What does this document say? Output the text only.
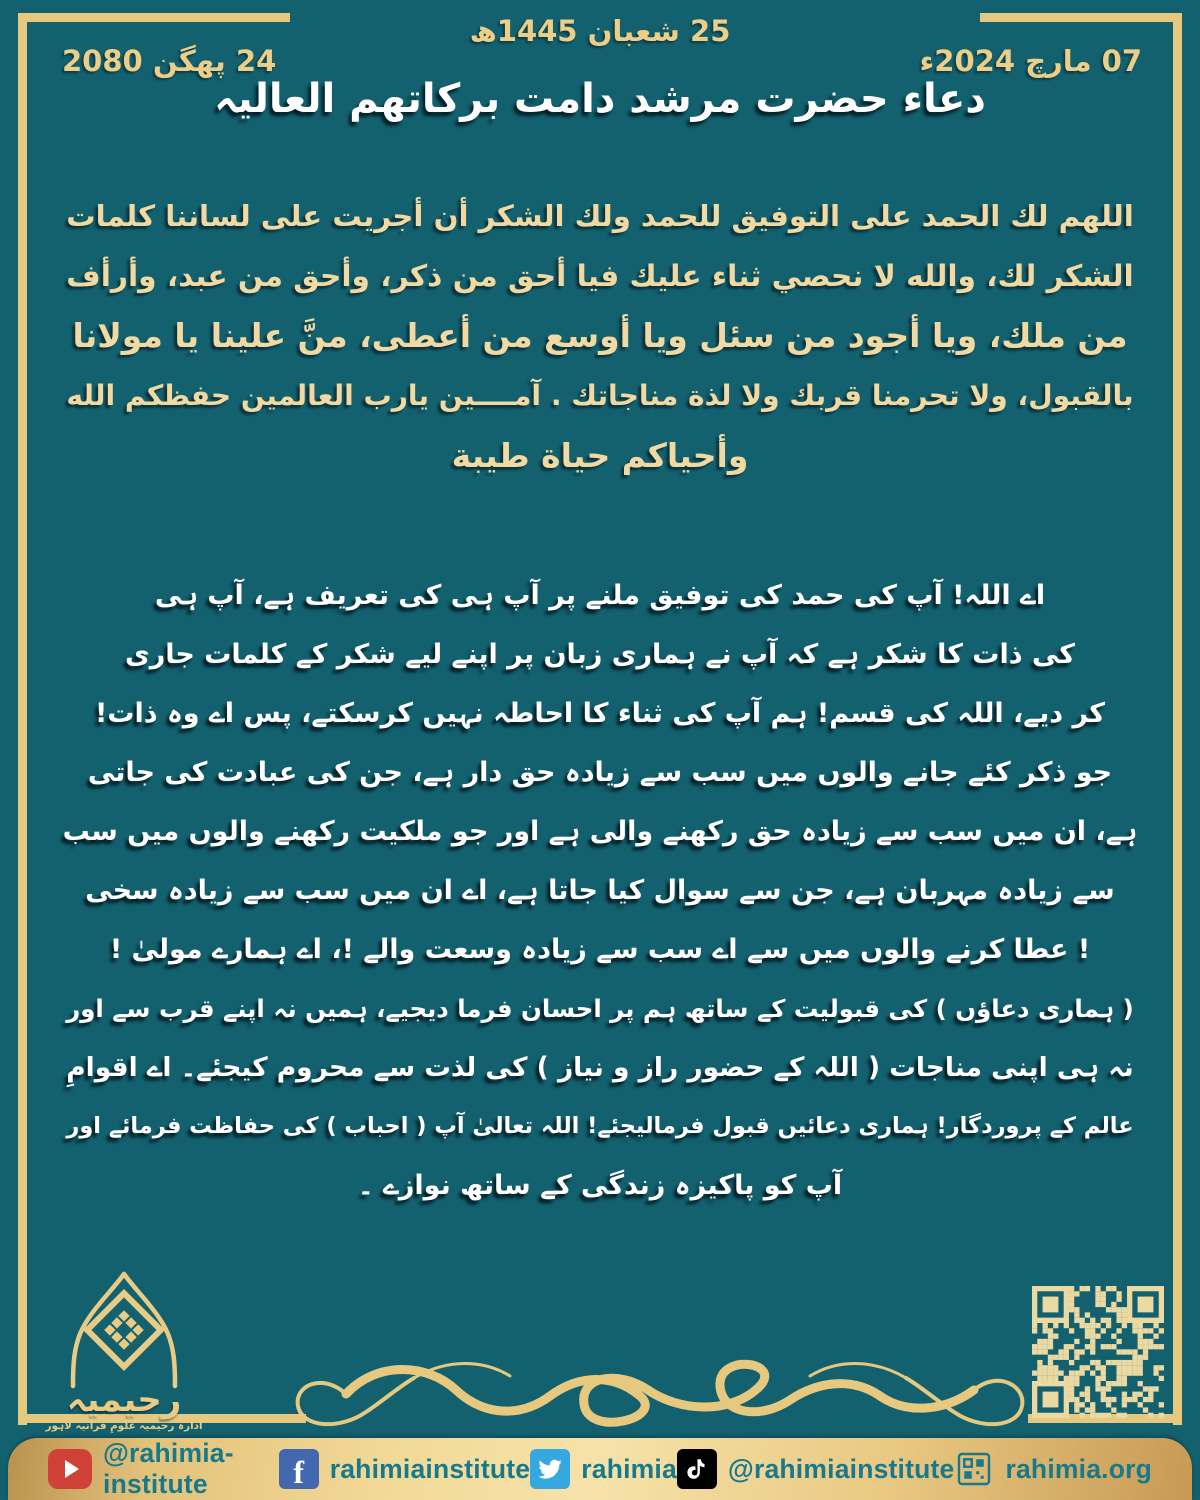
25 شعبان 1445ھ
07 مارچ 2024ء
24 پھگن 2080
دعاء حضرت مرشد دامت برکاتھم العالیہ
اللهم لك الحمد على التوفيق للحمد ولك الشكر أن أجريت على لساننا كلمات
الشكر لك، والله لا نحصي ثناء عليك فيا أحق من ذكر، وأحق من عبد، وأرأف
من ملك، ويا أجود من سئل ويا أوسع من أعطى، منَّ علينا يا مولانا
بالقبول، ولا تحرمنا قربك ولا لذة مناجاتك . آمــــين يارب العالمين حفظكم الله
وأحياكم حياة طيبة
اے اللہ! آپ کی حمد کی توفیق ملنے پر آپ ہی کی تعریف ہے، آپ ہی
کی ذات کا شکر ہے کہ آپ نے ہماری زبان پر اپنے لیے شکر کے کلمات جاری
کر دیے، اللہ کی قسم! ہم آپ کی ثناء کا احاطہ نہیں کرسکتے، پس اے وہ ذات!
جو ذکر کئے جانے والوں میں سب سے زیادہ حق دار ہے، جن کی عبادت کی جاتی
ہے، ان میں سب سے زیادہ حق رکھنے والی ہے اور جو ملکیت رکھنے والوں میں سب
سے زیادہ مہربان ہے، جن سے سوال کیا جاتا ہے، اے ان میں سب سے زیادہ سخی
! عطا کرنے والوں میں سے اے سب سے زیادہ وسعت والے !، اے ہمارے مولیٰ !
( ہماری دعاؤں ) کی قبولیت کے ساتھ ہم پر احسان فرما دیجیے، ہمیں نہ اپنے قرب سے اور
نہ ہی اپنی مناجات ( اللہ کے حضور راز و نیاز ) کی لذت سے محروم کیجئے۔ اے اقوامِ
عالم کے پروردگار! ہماری دعائیں قبول فرمالیجئے! اللہ تعالیٰ آپ ( احباب ) کی حفاظت فرمائے اور
آپ کو پاکیزہ زندگی کے ساتھ نوازے ۔
رحیمیہ
ادارہ رحیمیہ علومِ قرآنیہ لاہور
@rahimia-institute	f rahimiainstitute rahimia @rahimiainstitute rahimia.org
